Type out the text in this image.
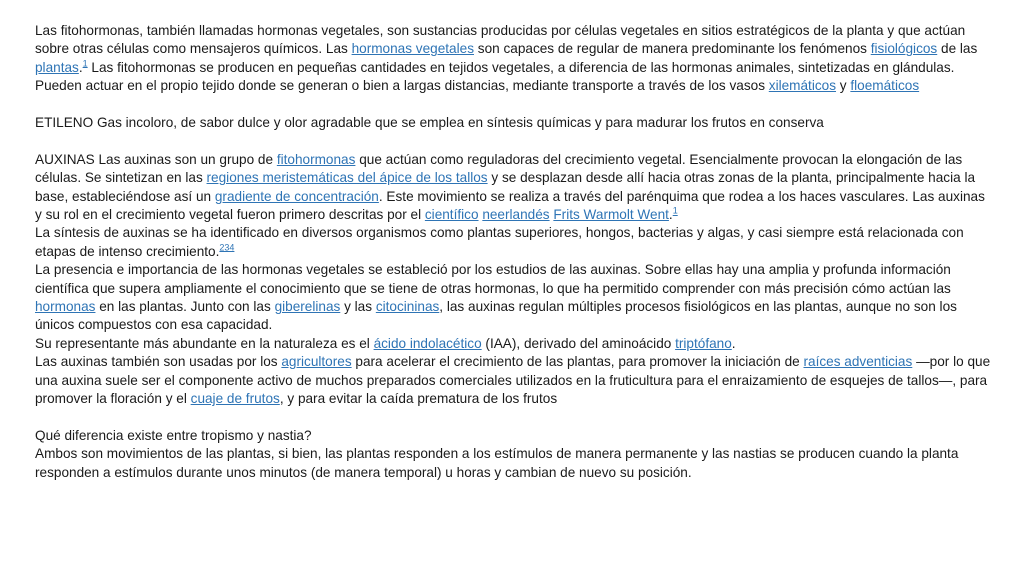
Las fitohormonas, también llamadas hormonas vegetales, son sustancias producidas por células vegetales en sitios estratégicos de la planta y que actúan sobre otras células como mensajeros químicos. Las hormonas vegetales son capaces de regular de manera predominante los fenómenos fisiológicos de las plantas.$^1$ Las fitohormonas se producen en pequeñas cantidades en tejidos vegetales, a diferencia de las hormonas animales, sintetizadas en glándulas. Pueden actuar en el propio tejido donde se generan o bien a largas distancias, mediante transporte a través de los vasos xilemáticos y floemáticos

ETILENO Gas incoloro, de sabor dulce y olor agradable que se emplea en síntesis químicas y para madurar los frutos en conserva

AUXINAS Las auxinas son un grupo de fitohormonas que actúan como reguladoras del crecimiento vegetal. Esencialmente provocan la elongación de las células. Se sintetizan en las regiones meristemáticas del ápice de los tallos y se desplazan desde allí hacia otras zonas de la planta, principalmente hacia la base, estableciéndose así un gradiente de concentración. Este movimiento se realiza a través del parénquima que rodea a los haces vasculares. Las auxinas y su rol en el crecimiento vegetal fueron primero descritas por el científico neerlandés Frits Warmolt Went.$^1$

La síntesis de auxinas se ha identificado en diversos organismos como plantas superiores, hongos, bacterias y algas, y casi siempre está relacionada con etapas de intenso crecimiento.$^{234}$

La presencia e importancia de las hormonas vegetales se estableció por los estudios de las auxinas. Sobre ellas hay una amplia y profunda información científica que supera ampliamente el conocimiento que se tiene de otras hormonas, lo que ha permitido comprender con más precisión cómo actúan las hormonas en las plantas. Junto con las giberelinas y las citocininas, las auxinas regulan múltiples procesos fisiológicos en las plantas, aunque no son los únicos compuestos con esa capacidad.

Su representante más abundante en la naturaleza es el ácido indolacético (IAA), derivado del aminoácido triptófano.

Las auxinas también son usadas por los agricultores para acelerar el crecimiento de las plantas, para promover la iniciación de raíces adventicias —por lo que una auxina suele ser el componente activo de muchos preparados comerciales utilizados en la fruticultura para el enraizamiento de esquejes de tallos—, para promover la floración y el cuaje de frutos, y para evitar la caída prematura de los frutos

Qué diferencia existe entre tropismo y nastia?

Ambos son movimientos de las plantas, si bien, las plantas responden a los estímulos de manera permanente y las nastias se producen cuando la planta responden a estímulos durante unos minutos (de manera temporal) u horas y cambian de nuevo su posición.
